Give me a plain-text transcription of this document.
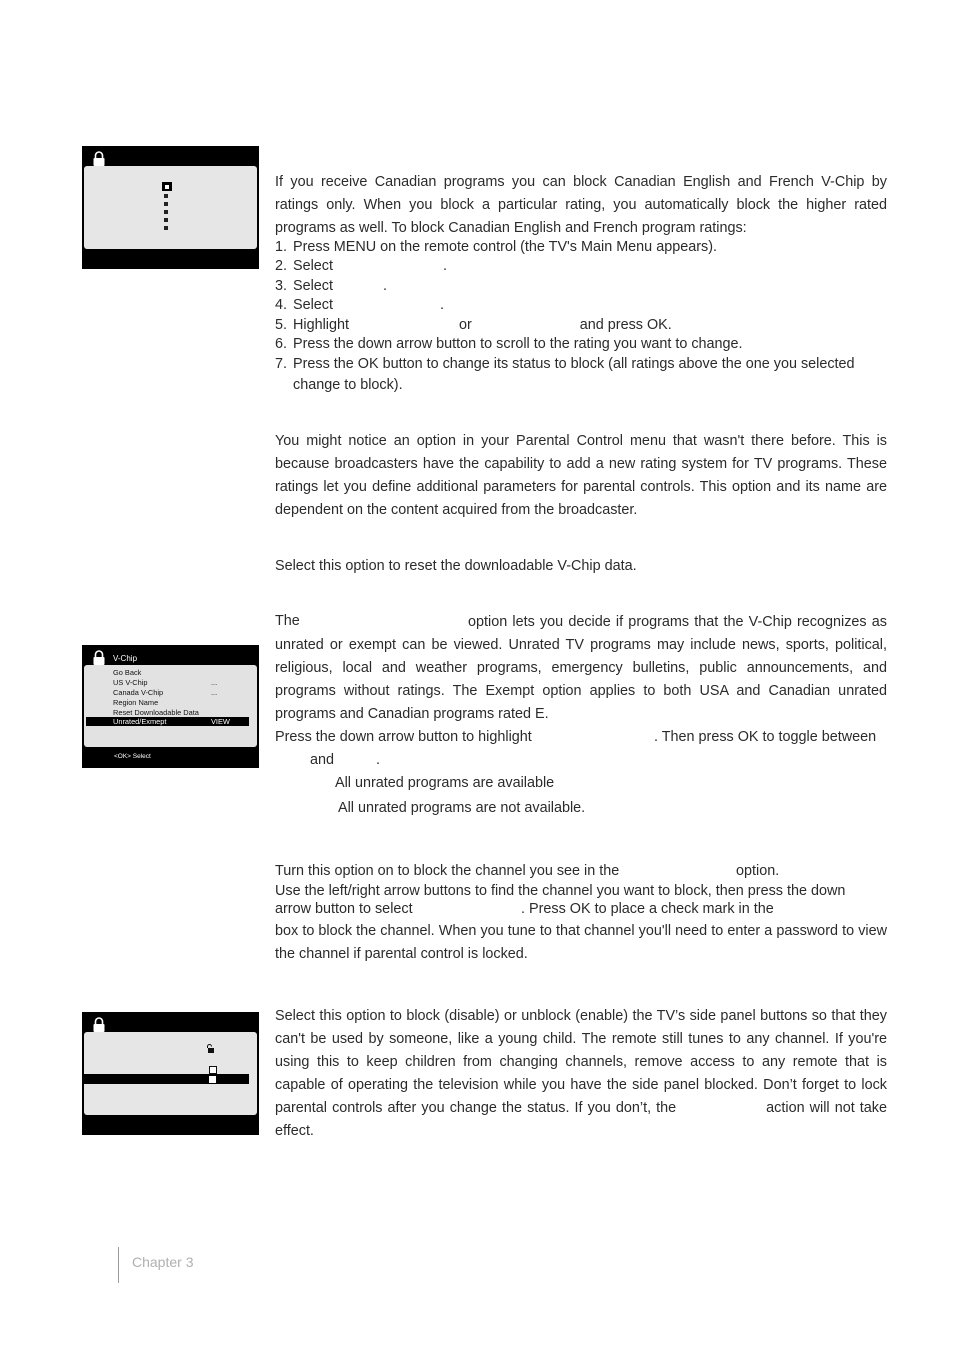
If you receive Canadian programs you can block Canadian English and French V-Chip by ratings only. When you block a particular rating, you automatically block the higher rated programs as well. To block Canadian English and French program ratings:
1. Press MENU on the remote control (the TV's Main Menu appears).
2. Select	.
3. Select	.
4. Select	.
5. Highlight	or	and press OK.
6. Press the down arrow button to scroll to the rating you want to change.
7. Press the OK button to change its status to block (all ratings above the one you selected change to block).
You might notice an option in your Parental Control menu that wasn't there before. This is because broadcasters have the capability to add a new rating system for TV programs. These ratings let you define additional parameters for parental controls. This option and its name are dependent on the content acquired from the broadcaster.
Select this option to reset the downloadable V-Chip data.
V-Chip
Go Back
US V-Chip	...
Canada V-Chip	...
Region Name
Reset Downloadable Data
Unrated/Exmept	VIEW
<OK> Select
The	option lets you decide if programs that the V-Chip recognizes as unrated or exempt can be viewed. Unrated TV programs may include news, sports, political, religious, local and weather programs, emergency bulletins, public announcements, and programs without ratings. The Exempt option applies to both USA and Canadian unrated programs and Canadian programs rated E.
Press the down arrow button to highlight	. Then press OK to toggle between
and	.
All unrated programs are available
All unrated programs are not available.
Turn this option on to block the channel you see in the	option.
Use the left/right arrow buttons to find the channel you want to block, then press the down
arrow button to select	. Press OK to place a check mark in the
box to block the channel. When you tune to that channel you'll need to enter a password to view the channel if parental control is locked.
Select this option to block (disable) or unblock (enable) the TV’s side panel buttons so that they can't be used by someone, like a young child. The remote still tunes to any channel. If you're using this to keep children from changing channels, remove access to any remote that is capable of operating the television while you have the side panel blocked. Don’t forget to lock parental controls after you change the status. If you don’t, the	action will not take effect.
Chapter 3
